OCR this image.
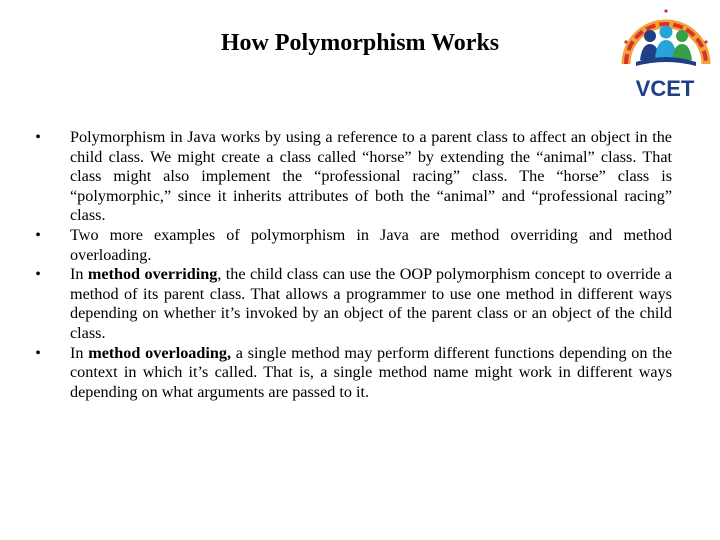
How Polymorphism Works
VCET
•	Polymorphism in Java works by using a reference to a parent class to affect an object in the child class. We might create a class called “horse” by extending the “animal” class. That class might also implement the “professional racing” class. The “horse” class is “polymorphic,” since it inherits attributes of both the “animal” and “professional racing” class.
•	Two more examples of polymorphism in Java are method overriding and method overloading.
•	In method overriding, the child class can use the OOP polymorphism concept to override a method of its parent class. That allows a programmer to use one method in different ways depending on whether it’s invoked by an object of the parent class or an object of the child class.
•	In method overloading, a single method may perform different functions depending on the context in which it’s called. That is, a single method name might work in different ways depending on what arguments are passed to it.
